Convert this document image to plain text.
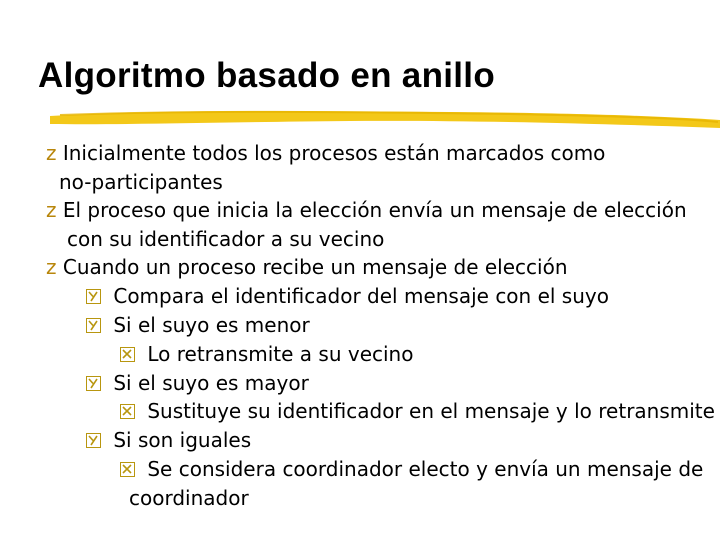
Algoritmo basado en anillo
z Inicialmente todos los procesos están marcados como
no-participantes
z El proceso que inicia la elección envía un mensaje de elección
con su identificador a su vecino
z Cuando un proceso recibe un mensaje de elección
Compara el identificador del mensaje con el suyo
Si el suyo es menor
Lo retransmite a su vecino
Si el suyo es mayor
Sustituye su identificador en el mensaje y lo retransmite
Si son iguales
Se considera coordinador electo y envía un mensaje de
coordinador
